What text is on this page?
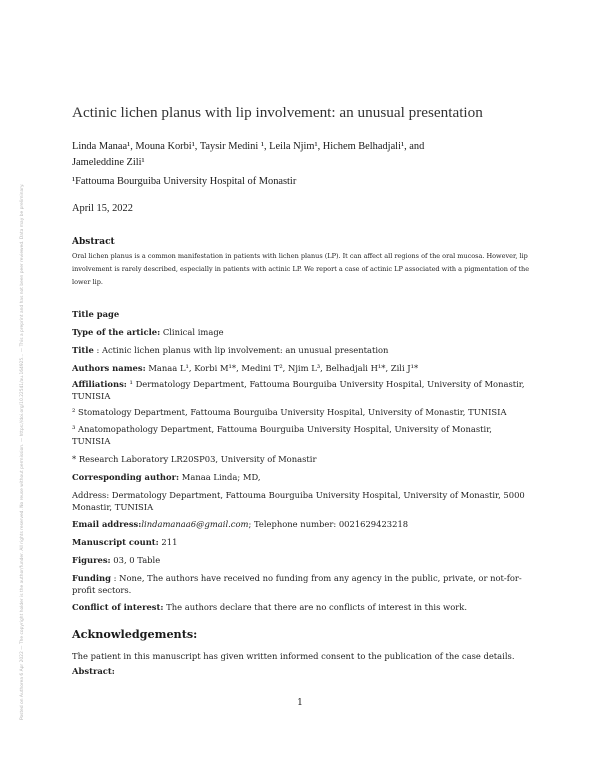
Posted on Authorea 6 Apr 2022 — The copyright holder is the author/funder. All rights reserved. No reuse without permission. — https://doi.org/10.22541/au.164925... — This a preprint and has not been peer reviewed. Data may be preliminary.
Actinic lichen planus with lip involvement: an unusual presentation
Linda Manaa¹, Mouna Korbi¹, Taysir Medini ¹, Leila Njim¹, Hichem Belhadjali¹, and
Jameleddine Zili¹
¹Fattouma Bourguiba University Hospital of Monastir
April 15, 2022
Abstract
Oral lichen planus is a common manifestation in patients with lichen planus (LP). It can affect all regions of the oral mucosa. However, lip involvement is rarely described, especially in patients with actinic LP. We report a case of actinic LP associated with a pigmentation of the lower lip.
Title page
Type of the article: Clinical image
Title : Actinic lichen planus with lip involvement: an unusual presentation
Authors names: Manaa L¹, Korbi M¹*, Medini T², Njim L³, Belhadjali H¹*, Zili J¹*
Affiliations: ¹ Dermatology Department, Fattouma Bourguiba University Hospital, University of Monastir, TUNISIA
² Stomatology Department, Fattouma Bourguiba University Hospital, University of Monastir, TUNISIA
³ Anatomopathology Department, Fattouma Bourguiba University Hospital, University of Monastir, TUNISIA
* Research Laboratory LR20SP03, University of Monastir
Corresponding author: Manaa Linda; MD,
Address: Dermatology Department, Fattouma Bourguiba University Hospital, University of Monastir, 5000 Monastir, TUNISIA
Email address:lindamanaa6@gmail.com; Telephone number: 0021629423218
Manuscript count: 211
Figures: 03, 0 Table
Funding : None, The authors have received no funding from any agency in the public, private, or not-for-profit sectors.
Conflict of interest: The authors declare that there are no conflicts of interest in this work.
Acknowledgements:
The patient in this manuscript has given written informed consent to the publication of the case details.
Abstract:
1
